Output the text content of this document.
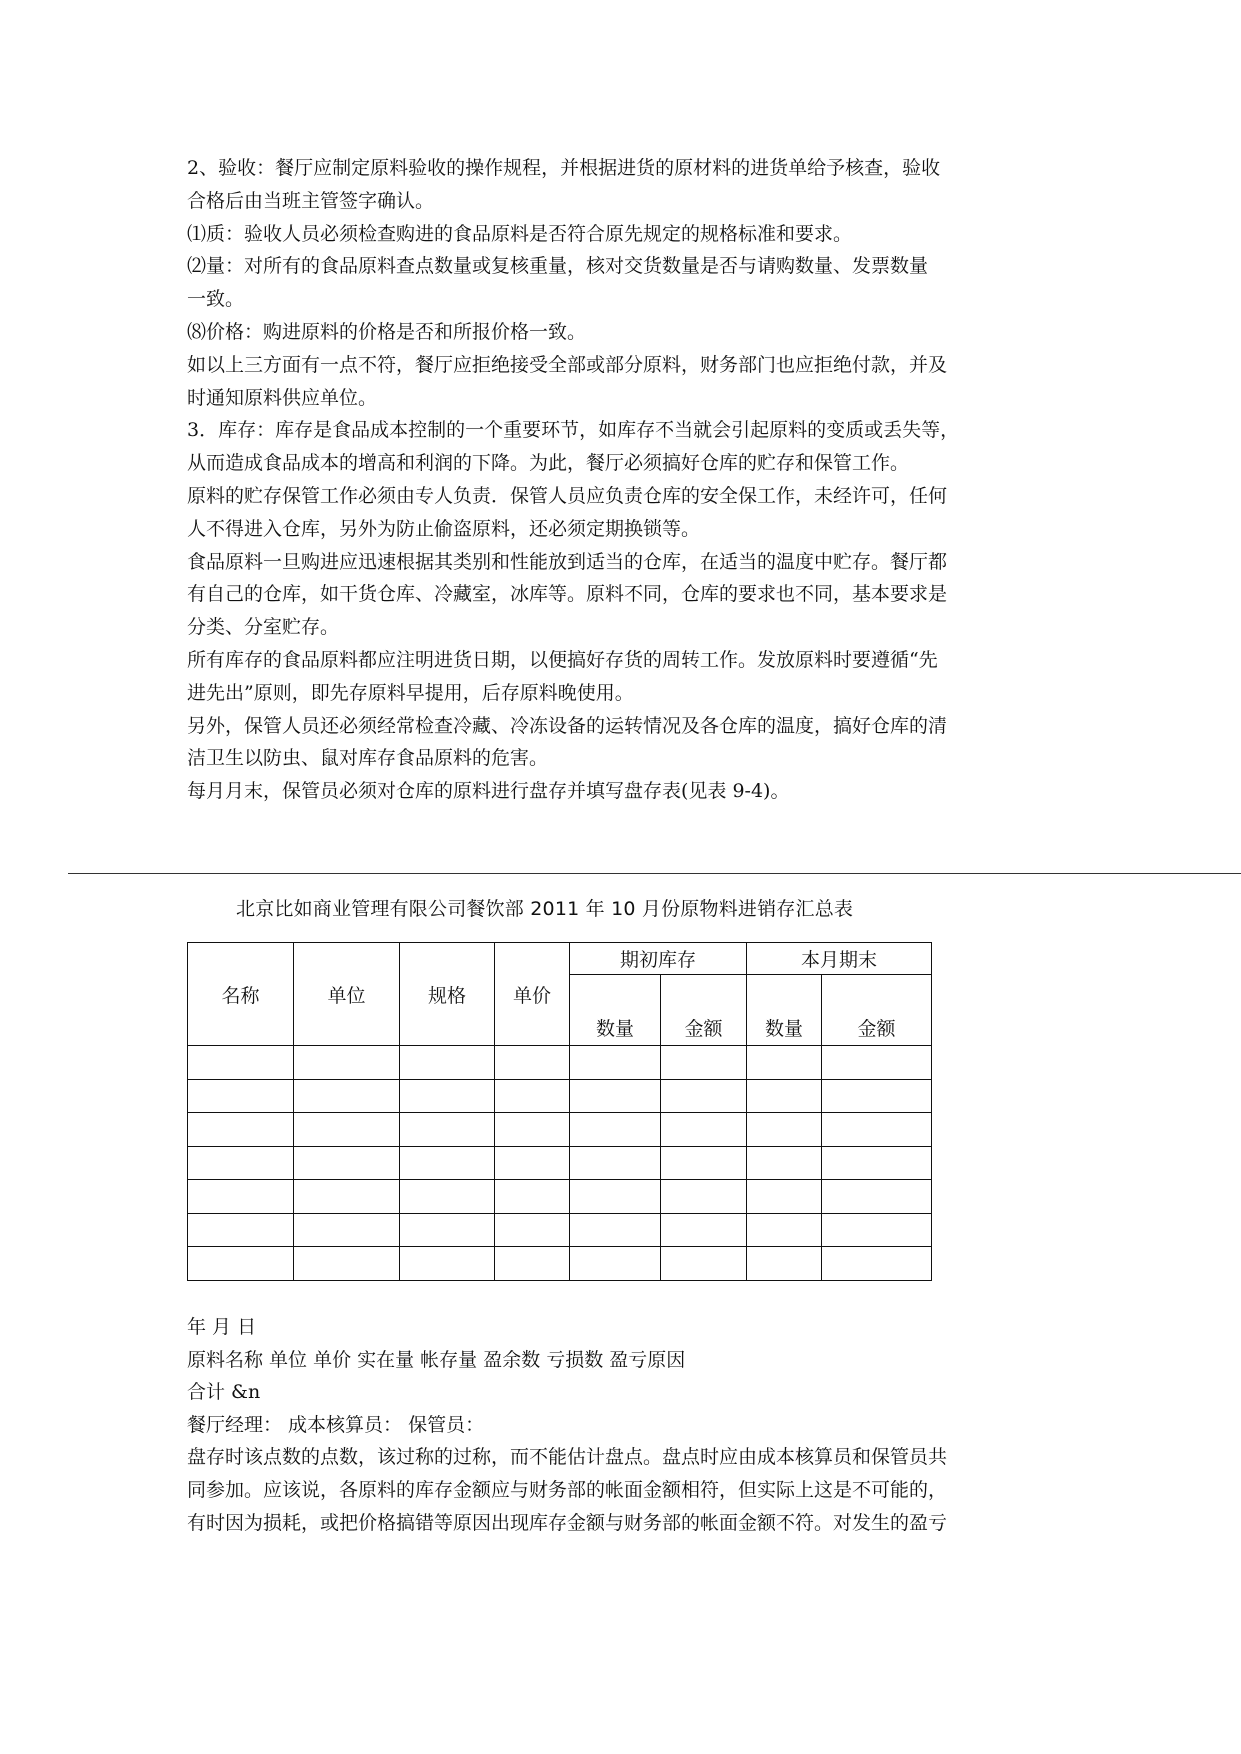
2、验收：餐厅应制定原料验收的操作规程，并根据进货的原材料的进货单给予核查，验收

合格后由当班主管签字确认。

⑴质：验收人员必须检查购进的食品原料是否符合原先规定的规格标准和要求。

⑵量：对所有的食品原料查点数量或复核重量，核对交货数量是否与请购数量、发票数量

一致。

⑻价格：购进原料的价格是否和所报价格一致。

如以上三方面有一点不符，餐厅应拒绝接受全部或部分原料，财务部门也应拒绝付款，并及

时通知原料供应单位。

3．库存：库存是食品成本控制的一个重要环节，如库存不当就会引起原料的变质或丢失等，

从而造成食品成本的增高和利润的下降。为此，餐厅必须搞好仓库的贮存和保管工作。

原料的贮存保管工作必须由专人负责．保管人员应负责仓库的安全保工作，未经许可，任何

人不得进入仓库，另外为防止偷盗原料，还必须定期换锁等。

食品原料一旦购进应迅速根据其类别和性能放到适当的仓库，在适当的温度中贮存。餐厅都

有自己的仓库，如干货仓库、冷藏室，冰库等。原料不同，仓库的要求也不同，基本要求是

分类、分室贮存。

所有库存的食品原料都应注明进货日期，以便搞好存货的周转工作。发放原料时要遵循“先

进先出”原则，即先存原料早提用，后存原料晚使用。

另外，保管人员还必须经常检查冷藏、冷冻设备的运转情况及各仓库的温度，搞好仓库的清

洁卫生以防虫、鼠对库存食品原料的危害。

每月月末，保管员必须对仓库的原料进行盘存并填写盘存表(见表 9-4)。

北京比如商业管理有限公司餐饮部 2011 年 10 月份原物料进销存汇总表
名称	单位	规格	单价	期初库存		本月期末	
				数量	金额	数量	金额

年 月 日

原料名称 单位 单价 实在量 帐存量 盈余数 亏损数 盈亏原因

合计 &n

餐厅经理： 成本核算员： 保管员：

盘存时该点数的点数，该过称的过称，而不能估计盘点。盘点时应由成本核算员和保管员共

同参加。应该说，各原料的库存金额应与财务部的帐面金额相符，但实际上这是不可能的，

有时因为损耗，或把价格搞错等原因出现库存金额与财务部的帐面金额不符。对发生的盈亏
